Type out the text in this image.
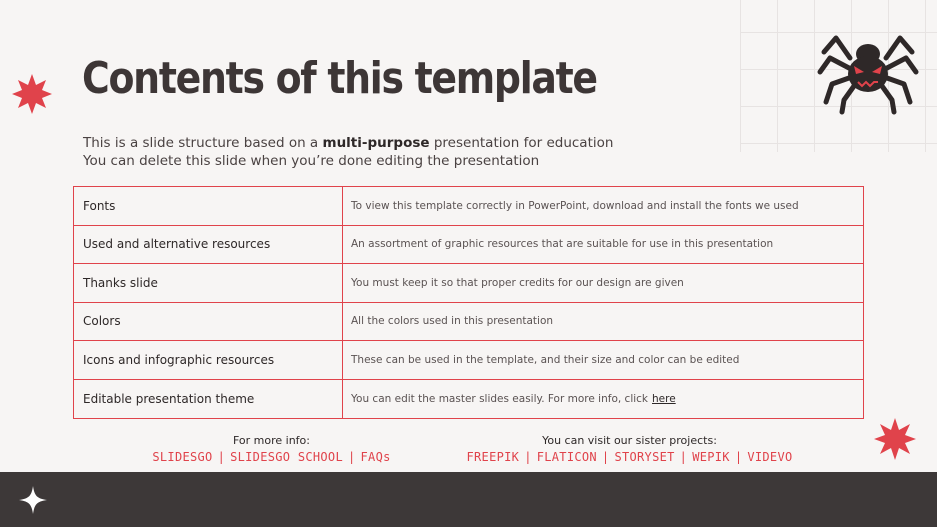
Contents of this template
This is a slide structure based on a multi-purpose presentation for education
You can delete this slide when you’re done editing the presentation
Fonts	To view this template correctly in PowerPoint, download and install the fonts we used
Used and alternative resources	An assortment of graphic resources that are suitable for use in this presentation
Thanks slide	You must keep it so that proper credits for our design are given
Colors	All the colors used in this presentation
Icons and infographic resources	These can be used in the template, and their size and color can be edited
Editable presentation theme	You can edit the master slides easily. For more info, click here
For more info:
SLIDESGO | SLIDESGO SCHOOL | FAQs
You can visit our sister projects:
FREEPIK | FLATICON | STORYSET | WEPIK | VIDEVO
